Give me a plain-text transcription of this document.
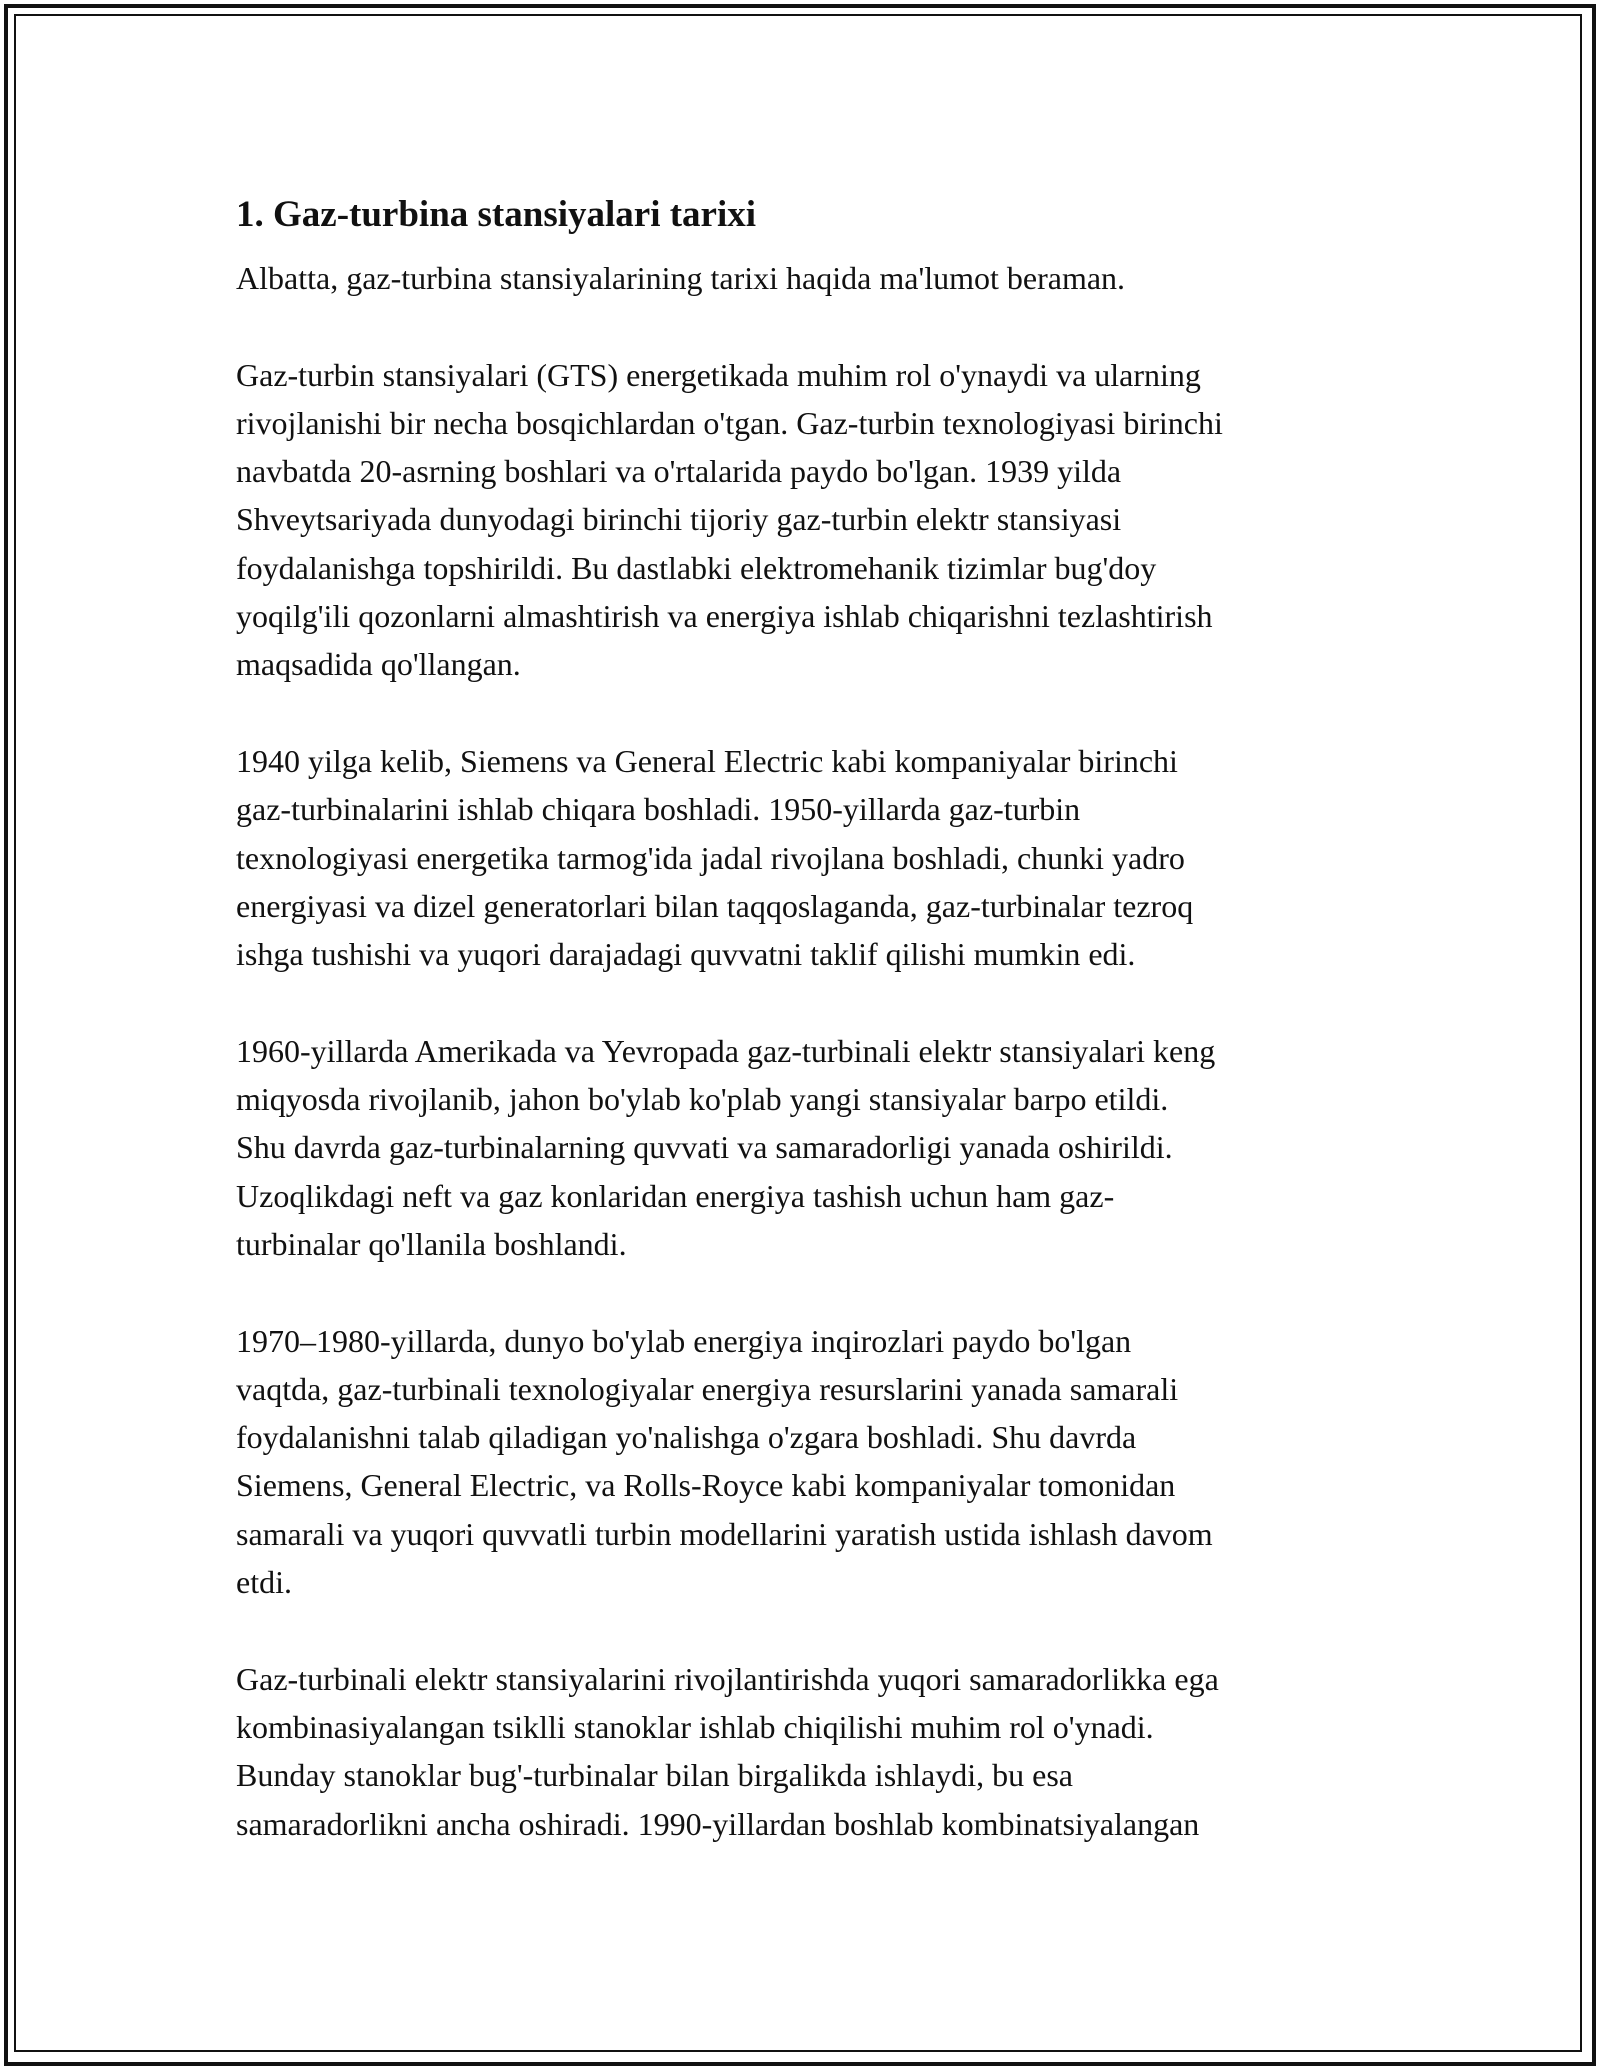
1. Gaz-turbina stansiyalari tarixi

Albatta, gaz-turbina stansiyalarining tarixi haqida ma'lumot beraman.

Gaz-turbin stansiyalari (GTS) energetikada muhim rol o'ynaydi va ularning
rivojlanishi bir necha bosqichlardan o'tgan. Gaz-turbin texnologiyasi birinchi
navbatda 20-asrning boshlari va o'rtalarida paydo bo'lgan. 1939 yilda
Shveytsariyada dunyodagi birinchi tijoriy gaz-turbin elektr stansiyasi
foydalanishga topshirildi. Bu dastlabki elektromehanik tizimlar bug'doy
yoqilg'ili qozonlarni almashtirish va energiya ishlab chiqarishni tezlashtirish
maqsadida qo'llangan.

1940 yilga kelib, Siemens va General Electric kabi kompaniyalar birinchi
gaz-turbinalarini ishlab chiqara boshladi. 1950-yillarda gaz-turbin
texnologiyasi energetika tarmog'ida jadal rivojlana boshladi, chunki yadro
energiyasi va dizel generatorlari bilan taqqoslaganda, gaz-turbinalar tezroq
ishga tushishi va yuqori darajadagi quvvatni taklif qilishi mumkin edi.

1960-yillarda Amerikada va Yevropada gaz-turbinali elektr stansiyalari keng
miqyosda rivojlanib, jahon bo'ylab ko'plab yangi stansiyalar barpo etildi.
Shu davrda gaz-turbinalarning quvvati va samaradorligi yanada oshirildi.
Uzoqlikdagi neft va gaz konlaridan energiya tashish uchun ham gaz-
turbinalar qo'llanila boshlandi.

1970–1980-yillarda, dunyo bo'ylab energiya inqirozlari paydo bo'lgan
vaqtda, gaz-turbinali texnologiyalar energiya resurslarini yanada samarali
foydalanishni talab qiladigan yo'nalishga o'zgara boshladi. Shu davrda
Siemens, General Electric, va Rolls-Royce kabi kompaniyalar tomonidan
samarali va yuqori quvvatli turbin modellarini yaratish ustida ishlash davom
etdi.

Gaz-turbinali elektr stansiyalarini rivojlantirishda yuqori samaradorlikka ega
kombinasiyalangan tsiklli stanoklar ishlab chiqilishi muhim rol o'ynadi.
Bunday stanoklar bug'-turbinalar bilan birgalikda ishlaydi, bu esa
samaradorlikni ancha oshiradi. 1990-yillardan boshlab kombinatsiyalangan
